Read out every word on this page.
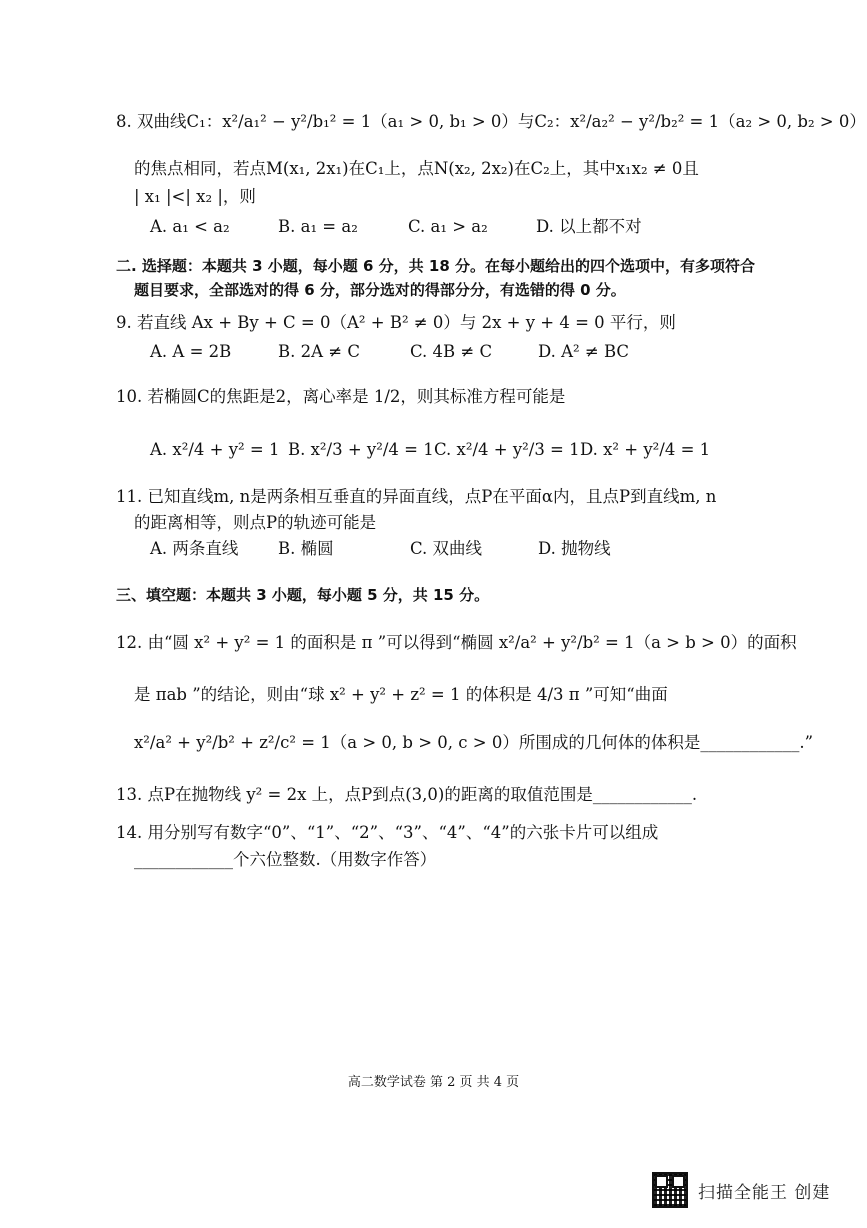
8. 双曲线C₁：x²/a₁² − y²/b₁² = 1（a₁ > 0, b₁ > 0）与C₂：x²/a₂² − y²/b₂² = 1（a₂ > 0, b₂ > 0）
的焦点相同，若点M(x₁, 2x₁)在C₁上，点N(x₂, 2x₂)在C₂上，其中x₁x₂ ≠ 0且
| x₁ |<| x₂ |，则
A. a₁ < a₂	B. a₁ = a₂	C. a₁ > a₂	D. 以上都不对
二. 选择题：本题共 3 小题，每小题 6 分，共 18 分。在每小题给出的四个选项中，有多项符合
题目要求，全部选对的得 6 分，部分选对的得部分分，有选错的得 0 分。
9. 若直线 Ax + By + C = 0（A² + B² ≠ 0）与 2x + y + 4 = 0 平行，则
A. A = 2B	B. 2A ≠ C	C. 4B ≠ C	D. A² ≠ BC
10. 若椭圆C的焦距是2，离心率是 1/2，则其标准方程可能是
A. x²/4 + y² = 1 B. x²/3 + y²/4 = 1 C. x²/4 + y²/3 = 1 D. x² + y²/4 = 1
11. 已知直线m, n是两条相互垂直的异面直线，点P在平面α内，且点P到直线m, n
的距离相等，则点P的轨迹可能是
A. 两条直线	B. 椭圆	C. 双曲线	D. 抛物线
三、填空题：本题共 3 小题，每小题 5 分，共 15 分。
12. 由“圆 x² + y² = 1 的面积是 π ”可以得到“椭圆 x²/a² + y²/b² = 1（a > b > 0）的面积
是 πab ”的结论，则由“球 x² + y² + z² = 1 的体积是 4/3 π ”可知“曲面
x²/a² + y²/b² + z²/c² = 1（a > 0, b > 0, c > 0）所围成的几何体的体积是____________.”
13. 点P在抛物线 y² = 2x 上，点P到点(3,0)的距离的取值范围是____________.
14. 用分别写有数字“0”、“1”、“2”、“3”、“4”、“4”的六张卡片可以组成
____________个六位整数.（用数字作答）
高二数学试卷 第 2 页 共 4 页
扫描全能王 创建
